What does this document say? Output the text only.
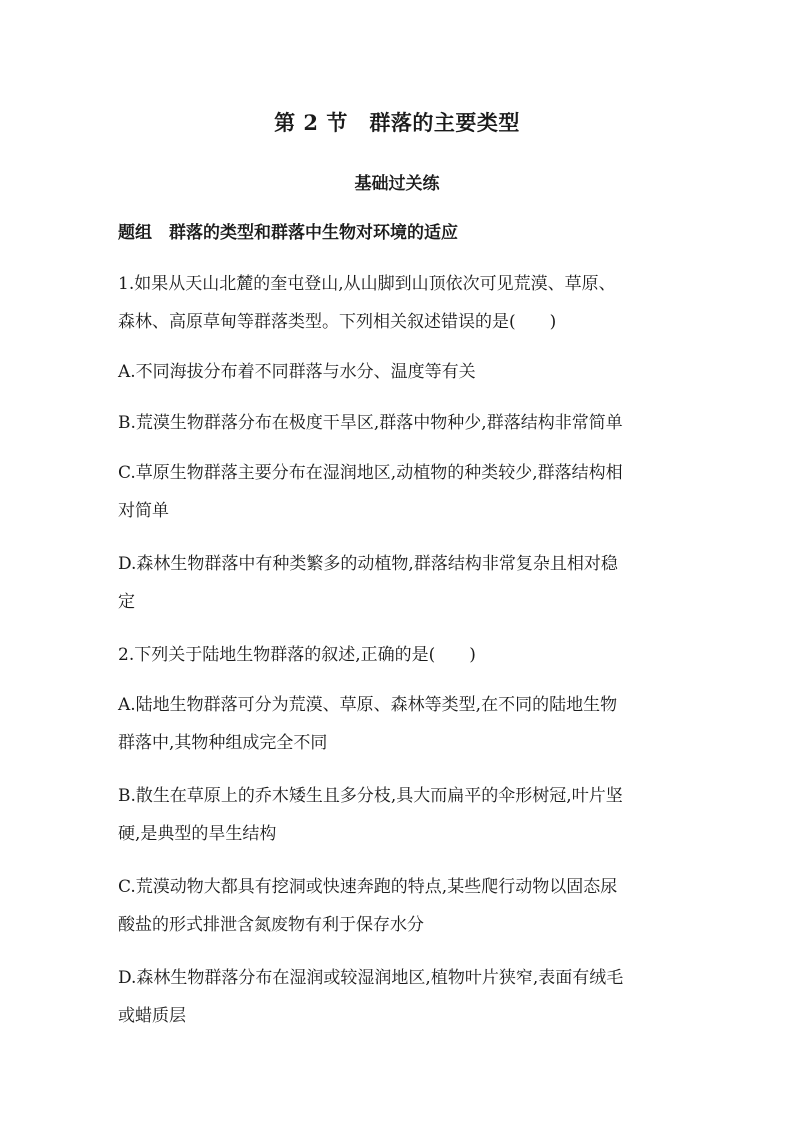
第 2 节　群落的主要类型
基础过关练
题组　群落的类型和群落中生物对环境的适应
1.如果从天山北麓的奎屯登山,从山脚到山顶依次可见荒漠、草原、
森林、高原草甸等群落类型。下列相关叙述错误的是(　　)
A.不同海拔分布着不同群落与水分、温度等有关
B.荒漠生物群落分布在极度干旱区,群落中物种少,群落结构非常简单
C.草原生物群落主要分布在湿润地区,动植物的种类较少,群落结构相
对简单
D.森林生物群落中有种类繁多的动植物,群落结构非常复杂且相对稳
定
2.下列关于陆地生物群落的叙述,正确的是(　　)
A.陆地生物群落可分为荒漠、草原、森林等类型,在不同的陆地生物
群落中,其物种组成完全不同
B.散生在草原上的乔木矮生且多分枝,具大而扁平的伞形树冠,叶片坚
硬,是典型的旱生结构
C.荒漠动物大都具有挖洞或快速奔跑的特点,某些爬行动物以固态尿
酸盐的形式排泄含氮废物有利于保存水分
D.森林生物群落分布在湿润或较湿润地区,植物叶片狭窄,表面有绒毛
或蜡质层
